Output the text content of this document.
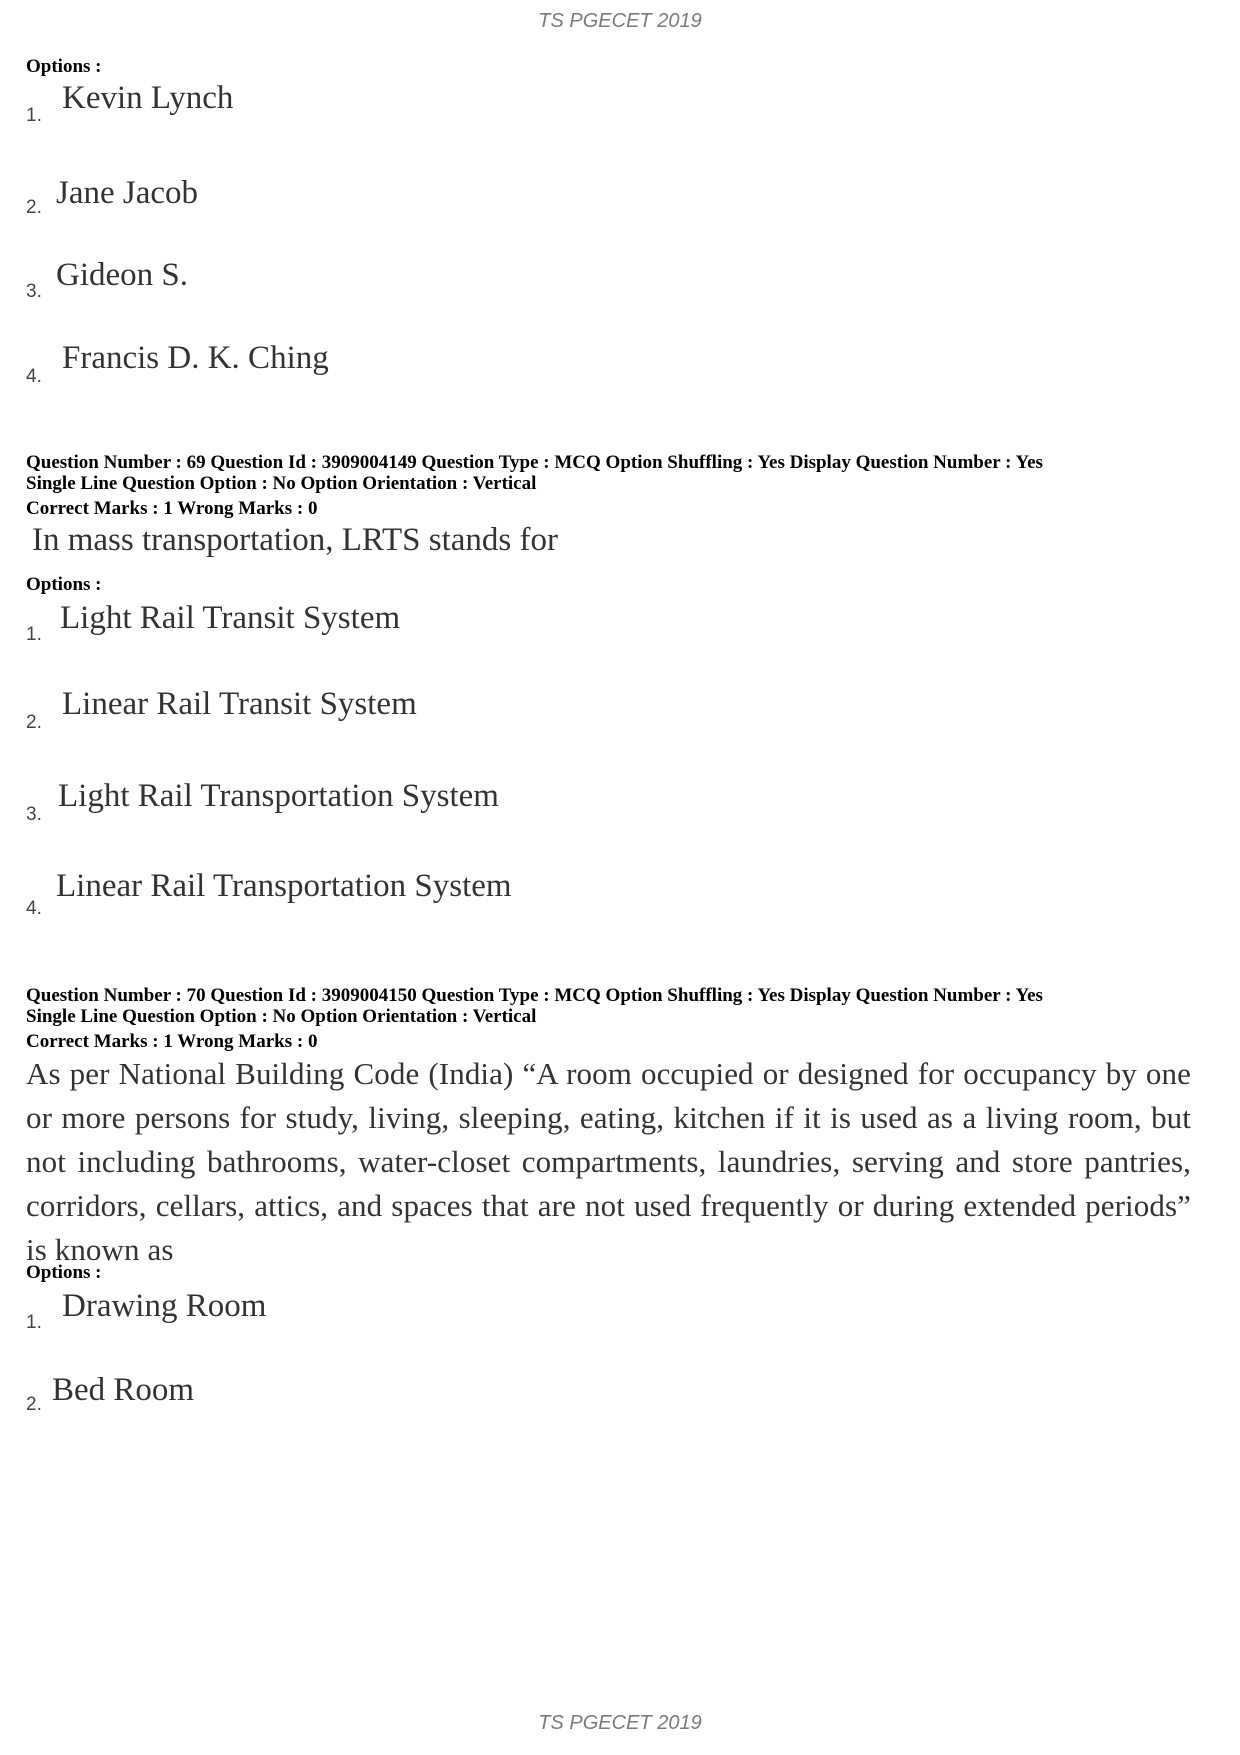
TS PGECET 2019
Options :
1. Kevin Lynch
2. Jane Jacob
3. Gideon S.
4.
Francis D. K. Ching
Question Number : 69 Question Id : 3909004149 Question Type : MCQ Option Shuffling : Yes Display Question Number : Yes
Single Line Question Option : No Option Orientation : Vertical
Correct Marks : 1 Wrong Marks : 0
In mass transportation, LRTS stands for
Options :
1. Light Rail Transit System
2.
Linear Rail Transit System
3.
Light Rail Transportation System
4.
Linear Rail Transportation System
Question Number : 70 Question Id : 3909004150 Question Type : MCQ Option Shuffling : Yes Display Question Number : Yes
Single Line Question Option : No Option Orientation : Vertical
Correct Marks : 1 Wrong Marks : 0
As per National Building Code (India) “A room occupied or designed for occupancy by one or more persons for study, living, sleeping, eating, kitchen if it is used as a living room, but not including bathrooms, water-closet compartments, laundries, serving and store pantries, corridors, cellars, attics, and spaces that are not used frequently or during extended periods” is known as
Options :
1. Drawing Room
2. Bed Room
TS PGECET 2019
